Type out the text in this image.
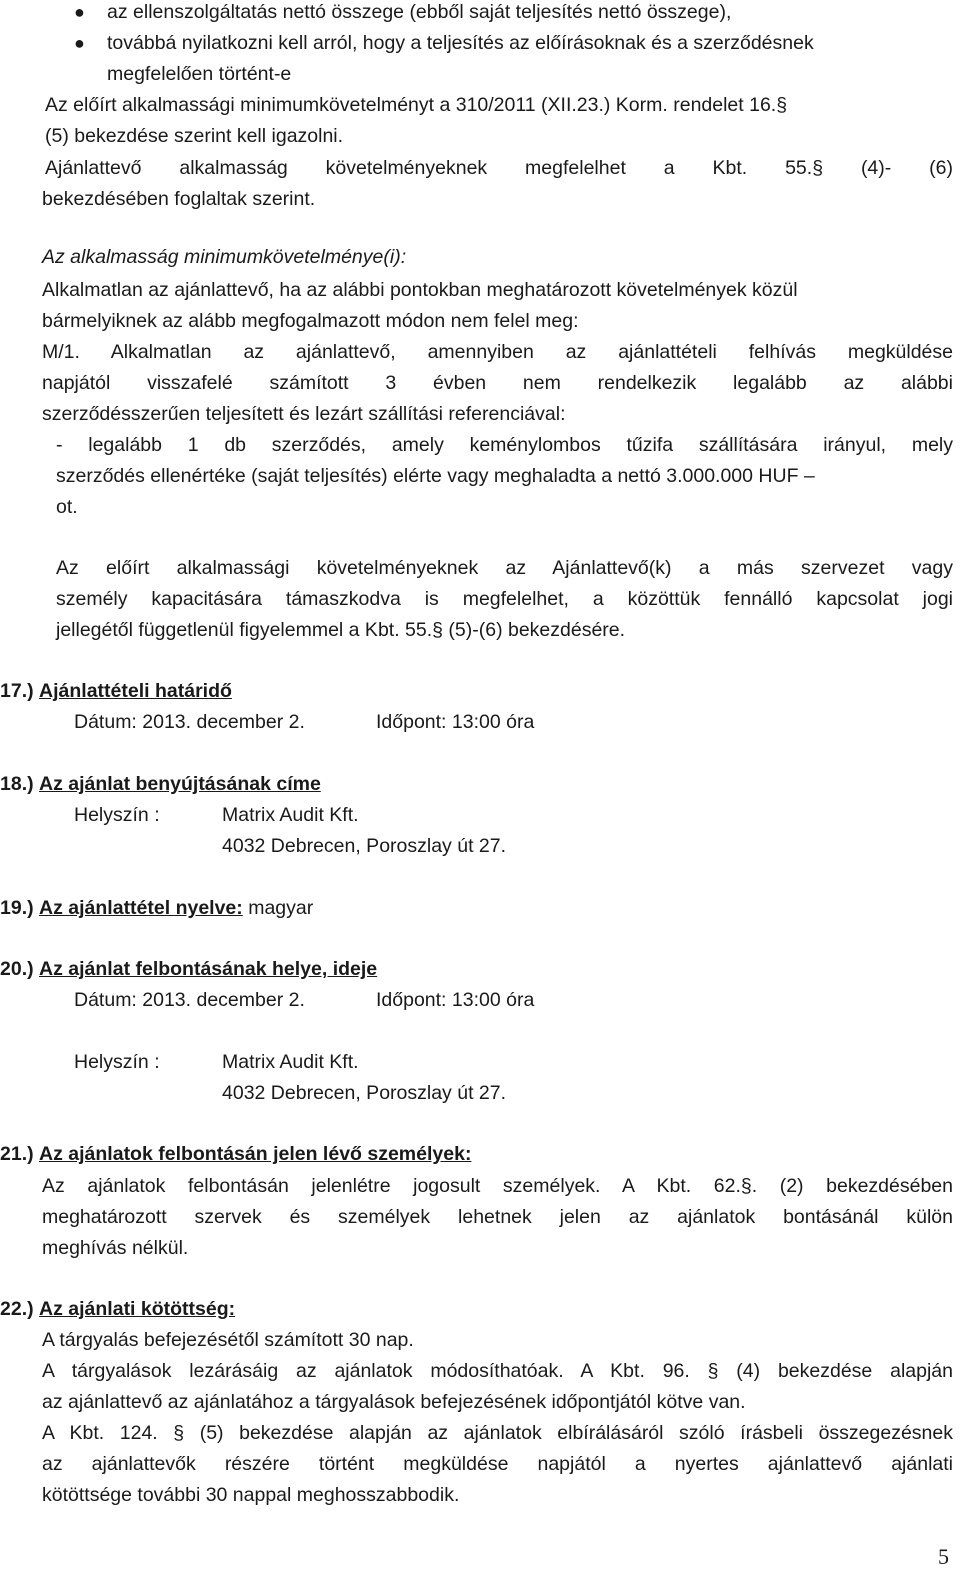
● az ellenszolgáltatás nettó összege (ebből saját teljesítés nettó összege),
● továbbá nyilatkozni kell arról, hogy a teljesítés az előírásoknak és a szerződésnek
megfelelően történt-e
Az előírt alkalmassági minimumkövetelményt a 310/2011 (XII.23.) Korm. rendelet 16.§
(5) bekezdése szerint kell igazolni.
Ajánlattevő alkalmasság követelményeknek megfelelhet a Kbt. 55.§ (4)- (6)
bekezdésében foglaltak szerint.
Az alkalmasság minimumkövetelménye(i):
Alkalmatlan az ajánlattevő, ha az alábbi pontokban meghatározott követelmények közül
bármelyiknek az alább megfogalmazott módon nem felel meg:
M/1. Alkalmatlan az ajánlattevő, amennyiben az ajánlattételi felhívás megküldése
napjától visszafelé számított 3 évben nem rendelkezik legalább az alábbi
szerződésszerűen teljesített és lezárt szállítási referenciával:
- legalább 1 db szerződés, amely keménylombos tűzifa szállítására irányul, mely
szerződés ellenértéke (saját teljesítés) elérte vagy meghaladta a nettó 3.000.000 HUF –
ot.
Az előírt alkalmassági követelményeknek az Ajánlattevő(k) a más szervezet vagy
személy kapacitására támaszkodva is megfelelhet, a közöttük fennálló kapcsolat jogi
jellegétől függetlenül figyelemmel a Kbt. 55.§ (5)-(6) bekezdésére.
17.) Ajánlattételi határidő
Dátum: 2013. december 2.	Időpont: 13:00 óra
18.) Az ajánlat benyújtásának címe
Helyszín :	Matrix Audit Kft.
4032 Debrecen, Poroszlay út 27.
19.) Az ajánlattétel nyelve: magyar
20.) Az ajánlat felbontásának helye, ideje
Dátum: 2013. december 2.	Időpont: 13:00 óra
Helyszín :	Matrix Audit Kft.
4032 Debrecen, Poroszlay út 27.
21.) Az ajánlatok felbontásán jelen lévő személyek:
Az ajánlatok felbontásán jelenlétre jogosult személyek. A Kbt. 62.§. (2) bekezdésében
meghatározott szervek és személyek lehetnek jelen az ajánlatok bontásánál külön
meghívás nélkül.
22.) Az ajánlati kötöttség:
A tárgyalás befejezésétől számított 30 nap.
A tárgyalások lezárásáig az ajánlatok módosíthatóak. A Kbt. 96. § (4) bekezdése alapján
az ajánlattevő az ajánlatához a tárgyalások befejezésének időpontjától kötve van.
A Kbt. 124. § (5) bekezdése alapján az ajánlatok elbírálásáról szóló írásbeli összegezésnek
az ajánlattevők részére történt megküldése napjától a nyertes ajánlattevő ajánlati
kötöttsége további 30 nappal meghosszabbodik.
5
